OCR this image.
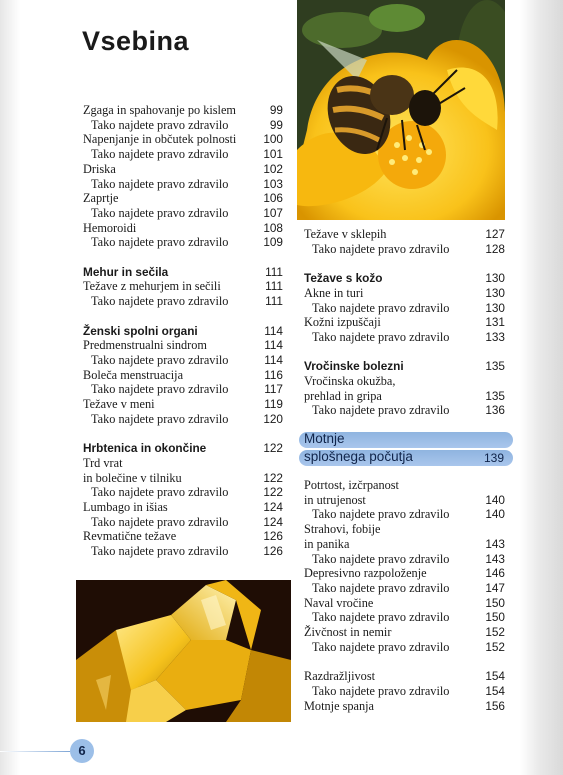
Vsebina
Zgaga in spahovanje po kislem	99
Tako najdete pravo zdravilo	99
Napenjanje in občutek polnosti 100
Tako najdete pravo zdravilo	101
Driska	102
Tako najdete pravo zdravilo	103
Zaprtje	106
Tako najdete pravo zdravilo	107
Hemoroidi	108
Tako najdete pravo zdravilo	109
Mehur in sečila	111
Težave z mehurjem in sečili	111
Tako najdete pravo zdravilo	111
Ženski spolni organi	114
Predmenstrualni sindrom	114
Tako najdete pravo zdravilo	114
Boleča menstruacija	116
Tako najdete pravo zdravilo	117
Težave v meni	119
Tako najdete pravo zdravilo	120
Hrbtenica in okončine	122
Trd vrat
in bolečine v tilniku	122
Tako najdete pravo zdravilo	122
Lumbago in išias	124
Tako najdete pravo zdravilo	124
Revmatične težave	126
Tako najdete pravo zdravilo	126
Težave v sklepih	127
Tako najdete pravo zdravilo	128
Težave s kožo	130
Akne in turi	130
Tako najdete pravo zdravilo	130
Kožni izpuščaji	131
Tako najdete pravo zdravilo	133
Vročinske bolezni	135
Vročinska okužba,
prehlad in gripa	135
Tako najdete pravo zdravilo	136
Motnje
splošnega počutja	139
Potrtost, izčrpanost
in utrujenost	140
Tako najdete pravo zdravilo	140
Strahovi, fobije
in panika	143
Tako najdete pravo zdravilo	143
Depresivno razpoloženje	146
Tako najdete pravo zdravilo	147
Naval vročine	150
Tako najdete pravo zdravilo	150
Živčnost in nemir	152
Tako najdete pravo zdravilo	152
Razdražljivost	154
Tako najdete pravo zdravilo	154
Motnje spanja	156
6
